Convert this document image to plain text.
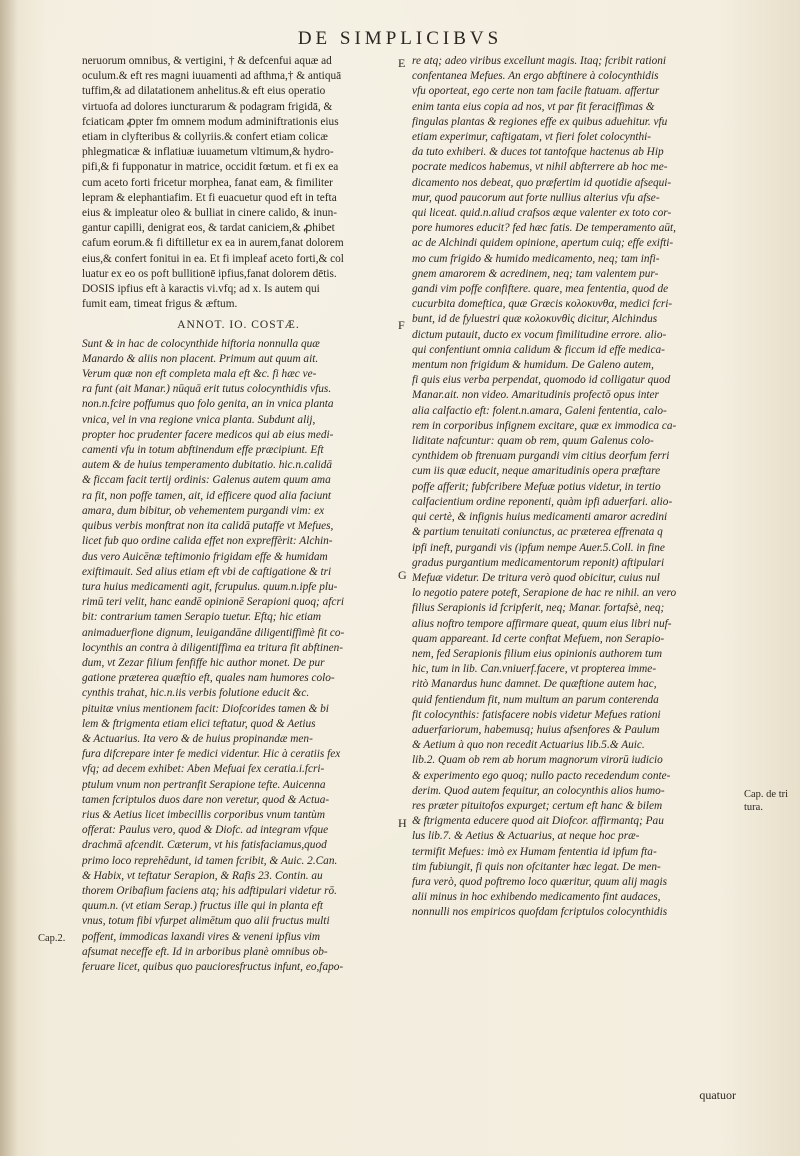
DE SIMPLICIBVS
neruorum omnibus, & vertigini, † & defcenfui aquæ ad
oculum.& eft res magni iuuamenti ad afthma,† & antiquā
tuffim,& ad dilatationem anhelitus.& eft eius operatio
virtuofa ad dolores iuncturarum & podagram frigidā, &
fciaticam ꝓpter fm omnem modum adminiftrationis eius
etiam in clyfteribus & collyriis.& confert etiam colicæ
phlegmaticæ & inflatiuæ iuuametum vltimum,& hydro-
pifi,& fi fupponatur in matrice, occidit fœtum. et fi ex ea
cum aceto forti fricetur morphea, fanat eam, & fimiliter
lepram & elephantiafim. Et fi euacuetur quod eft in tefta
eius & impleatur oleo & bulliat in cinere calido, & inun-
gantur capilli, denigrat eos, & tardat caniciem,& ꝓhibet
cafum eorum.& fi diftilletur ex ea in aurem,fanat dolorem
eius,& confert fonitui in ea. Et fi impleaf aceto forti,& col
luatur ex eo os poft bullitionē ipfius,fanat dolorem dētis.
DOSIS ipfius eft à karactis vi.vfq; ad x. Is autem qui
fumit eam, timeat frigus & æftum.
ANNOT. IO. COSTÆ.
Sunt & in hac de colocynthide hiftoria nonnulla quæ
Manardo & aliis non placent. Primum aut quum ait.
Verum quæ non eft completa mala eft &c. fi hæc ve-
ra funt (ait Manar.) nūquā erit tutus colocynthidis vfus.
non.n.fcire poffumus quo folo genita, an in vnica planta
vnica, vel in vna regione vnica planta. Subdunt alij,
propter hoc prudenter facere medicos qui ab eius medi-
camenti vfu in totum abftinendum effe præcipiunt. Eft
autem & de huius temperamento dubitatio. hic.n.calidā
& ficcam facit tertij ordinis: Galenus autem quum ama
ra fit, non poffe tamen, ait, id efficere quod alia faciunt
amara, dum bibitur, ob vehementem purgandi vim: ex
quibus verbis monftrat non ita calidā putaffe vt Mefues,
licet fub quo ordine calida effet non expreffèrit: Alchin-
dus vero Auicēnæ teftimonio frigidam effe & humidam
exiftimauit. Sed alius etiam eft vbi de caftigatione & tri
tura huius medicamenti agit, fcrupulus. quum.n.ipfe plu-
rimū teri velit, hanc eandē opinionē Serapioni quoq; afcri
bit: contrarium tamen Serapio tuetur. Eftq; hic etiam
animaduerfione dignum, leuigandāne diligentiffimè fit co-
locynthis an contra à diligentiffima ea tritura fit abftinen-
dum, vt Zezar filium fenfiffe hic author monet. De pur
gatione præterea quæftio eft, quales nam humores colo-
cynthis trahat, hic.n.iis verbis folutione educit &c.
pituitæ vnius mentionem facit: Diofcorides tamen & bi
lem & ftrigmenta etiam elici teftatur, quod & Aetius
& Actuarius. Ita vero & de huius propinandæ men-
fura difcrepare inter fe medici videntur. Hic à ceratiis fex
vfq; ad decem exhibet: Aben Mefuai fex ceratia.i.fcri-
ptulum vnum non pertranfit Serapione tefte. Auicenna
tamen fcriptulos duos dare non veretur, quod & Actua-
rius & Aetius licet imbecillis corporibus vnum tantùm
offerat: Paulus vero, quod & Diofc. ad integram vfque
drachmā afcendit. Cæterum, vt his fatisfaciamus,quod
primo loco reprehēdunt, id tamen fcribit, & Auic. 2.Can.
& Habix, vt teftatur Serapion, & Rafis 23. Contin. au
thorem Oribafium faciens atq; his adftipulari videtur rō.
quum.n. (vt etiam Serap.) fructus ille qui in planta eft
vnus, totum fibi vfurpet alimētum quo alii fructus multi
poffent, immodicas laxandi vires & veneni ipfius vim
afsumat neceffe eft. Id in arboribus planè omnibus ob-
feruare licet, quibus quo paucioresfructus infunt, eo,fapo-
re atq; adeo viribus excellunt magis. Itaq; fcribit rationi
confentanea Mefues. An ergo abftinere à colocynthidis
vfu oporteat, ego certe non tam facile ftatuam. affertur
enim tanta eius copia ad nos, vt par fit feraciffimas &
fingulas plantas & regiones effe ex quibus aduehitur. vfu
etiam experimur, caftigatam, vt fieri folet colocynthi-
da tuto exhiberi. & duces tot tantofque hactenus ab Hip
pocrate medicos habemus, vt nihil abfterrere ab hoc me-
dicamento nos debeat, quo præfertim id quotidie afsequi-
mur, quod paucorum aut forte nullius alterius vfu afse-
qui liceat. quid.n.aliud crafsos æque valenter ex toto cor-
pore humores educit? fed hæc fatis. De temperamento aūt,
ac de Alchindi quidem opinione, apertum cuiq; effe exifti-
mo cum frigido & humido medicamento, neq; tam infi-
gnem amarorem & acredinem, neq; tam valentem pur-
gandi vim poffe confiftere. quare, mea fententia, quod de
cucurbita domeftica, quæ Græcis κολοκυνθα, medici fcri-
bunt, id de fyluestri quæ κολοκυνθὶς dicitur, Alchindus
dictum putauit, ducto ex vocum fimilitudine errore. alio-
qui confentiunt omnia calidum & ficcum id effe medica-
mentum non frigidum & humidum. De Galeno autem,
fi quis eius verba perpendat, quomodo id colligatur quod
Manar.ait. non video. Amaritudinis profectō opus inter
alia calfactio eft: folent.n.amara, Galeni fententia, calo-
rem in corporibus infignem excitare, quæ ex immodica ca-
liditate nafcuntur: quam ob rem, quum Galenus colo-
cynthidem ob ftrenuam purgandi vim citius deorfum ferri
cum iis quæ educit, neque amaritudinis opera præftare
poffe afferit; fubfcribere Mefuæ potius videtur, in tertio
calfacientium ordine reponenti, quàm ipfi aduerfari. alio-
qui certè, & infignis huius medicamenti amaror acredini
& partium tenuitati coniunctus, ac præterea effrenata q
ipfi ineft, purgandi vis (ipfum nempe Auer.5.Coll. in fine
gradus purgantium medicamentorum reponit) aftipulari
Mefuæ videtur. De tritura verò quod obicitur, cuius nul
lo negotio patere poteft, Serapione de hac re nihil. an vero
filius Serapionis id fcripferit, neq; Manar. fortafsè, neq;
alius noftro tempore affirmare queat, quum eius libri nuf-
quam appareant. Id certe conftat Mefuem, non Serapio-
nem, fed Serapionis filium eius opinionis authorem tum
hic, tum in lib. Can.vniuerf.facere, vt propterea imme-
ritò Manardus hunc damnet. De quæftione autem hac,
quid fentiendum fit, num multum an parum conterenda
fit colocynthis: fatisfacere nobis videtur Mefues rationi
aduerfariorum, habemusq; huius afsenfores & Paulum
& Aetium à quo non recedit Actuarius lib.5.& Auic.
lib.2. Quam ob rem ab horum magnorum virorū iudicio
& experimento ego quoq; nullo pacto recedendum conte-
derim. Quod autem fequitur, an colocynthis alios humo-
res præter pituitofos expurget; certum eft hanc & bilem
& ftrigmenta educere quod ait Diofcor. affirmantq; Pau
lus lib.7. & Aetius & Actuarius, at neque hoc præ-
termifit Mefues: imò ex Humam fententia id ipfum fta-
tim fubiungit, fi quis non ofcitanter hæc legat. De men-
fura verò, quod poftremo loco quæritur, quum alij magis
alii minus in hoc exhibendo medicamento fint audaces,
nonnulli nos empiricos quofdam fcriptulos colocynthidis
E
F
G
H
Cap.2.
Cap. de tri
tura.
quatuor
